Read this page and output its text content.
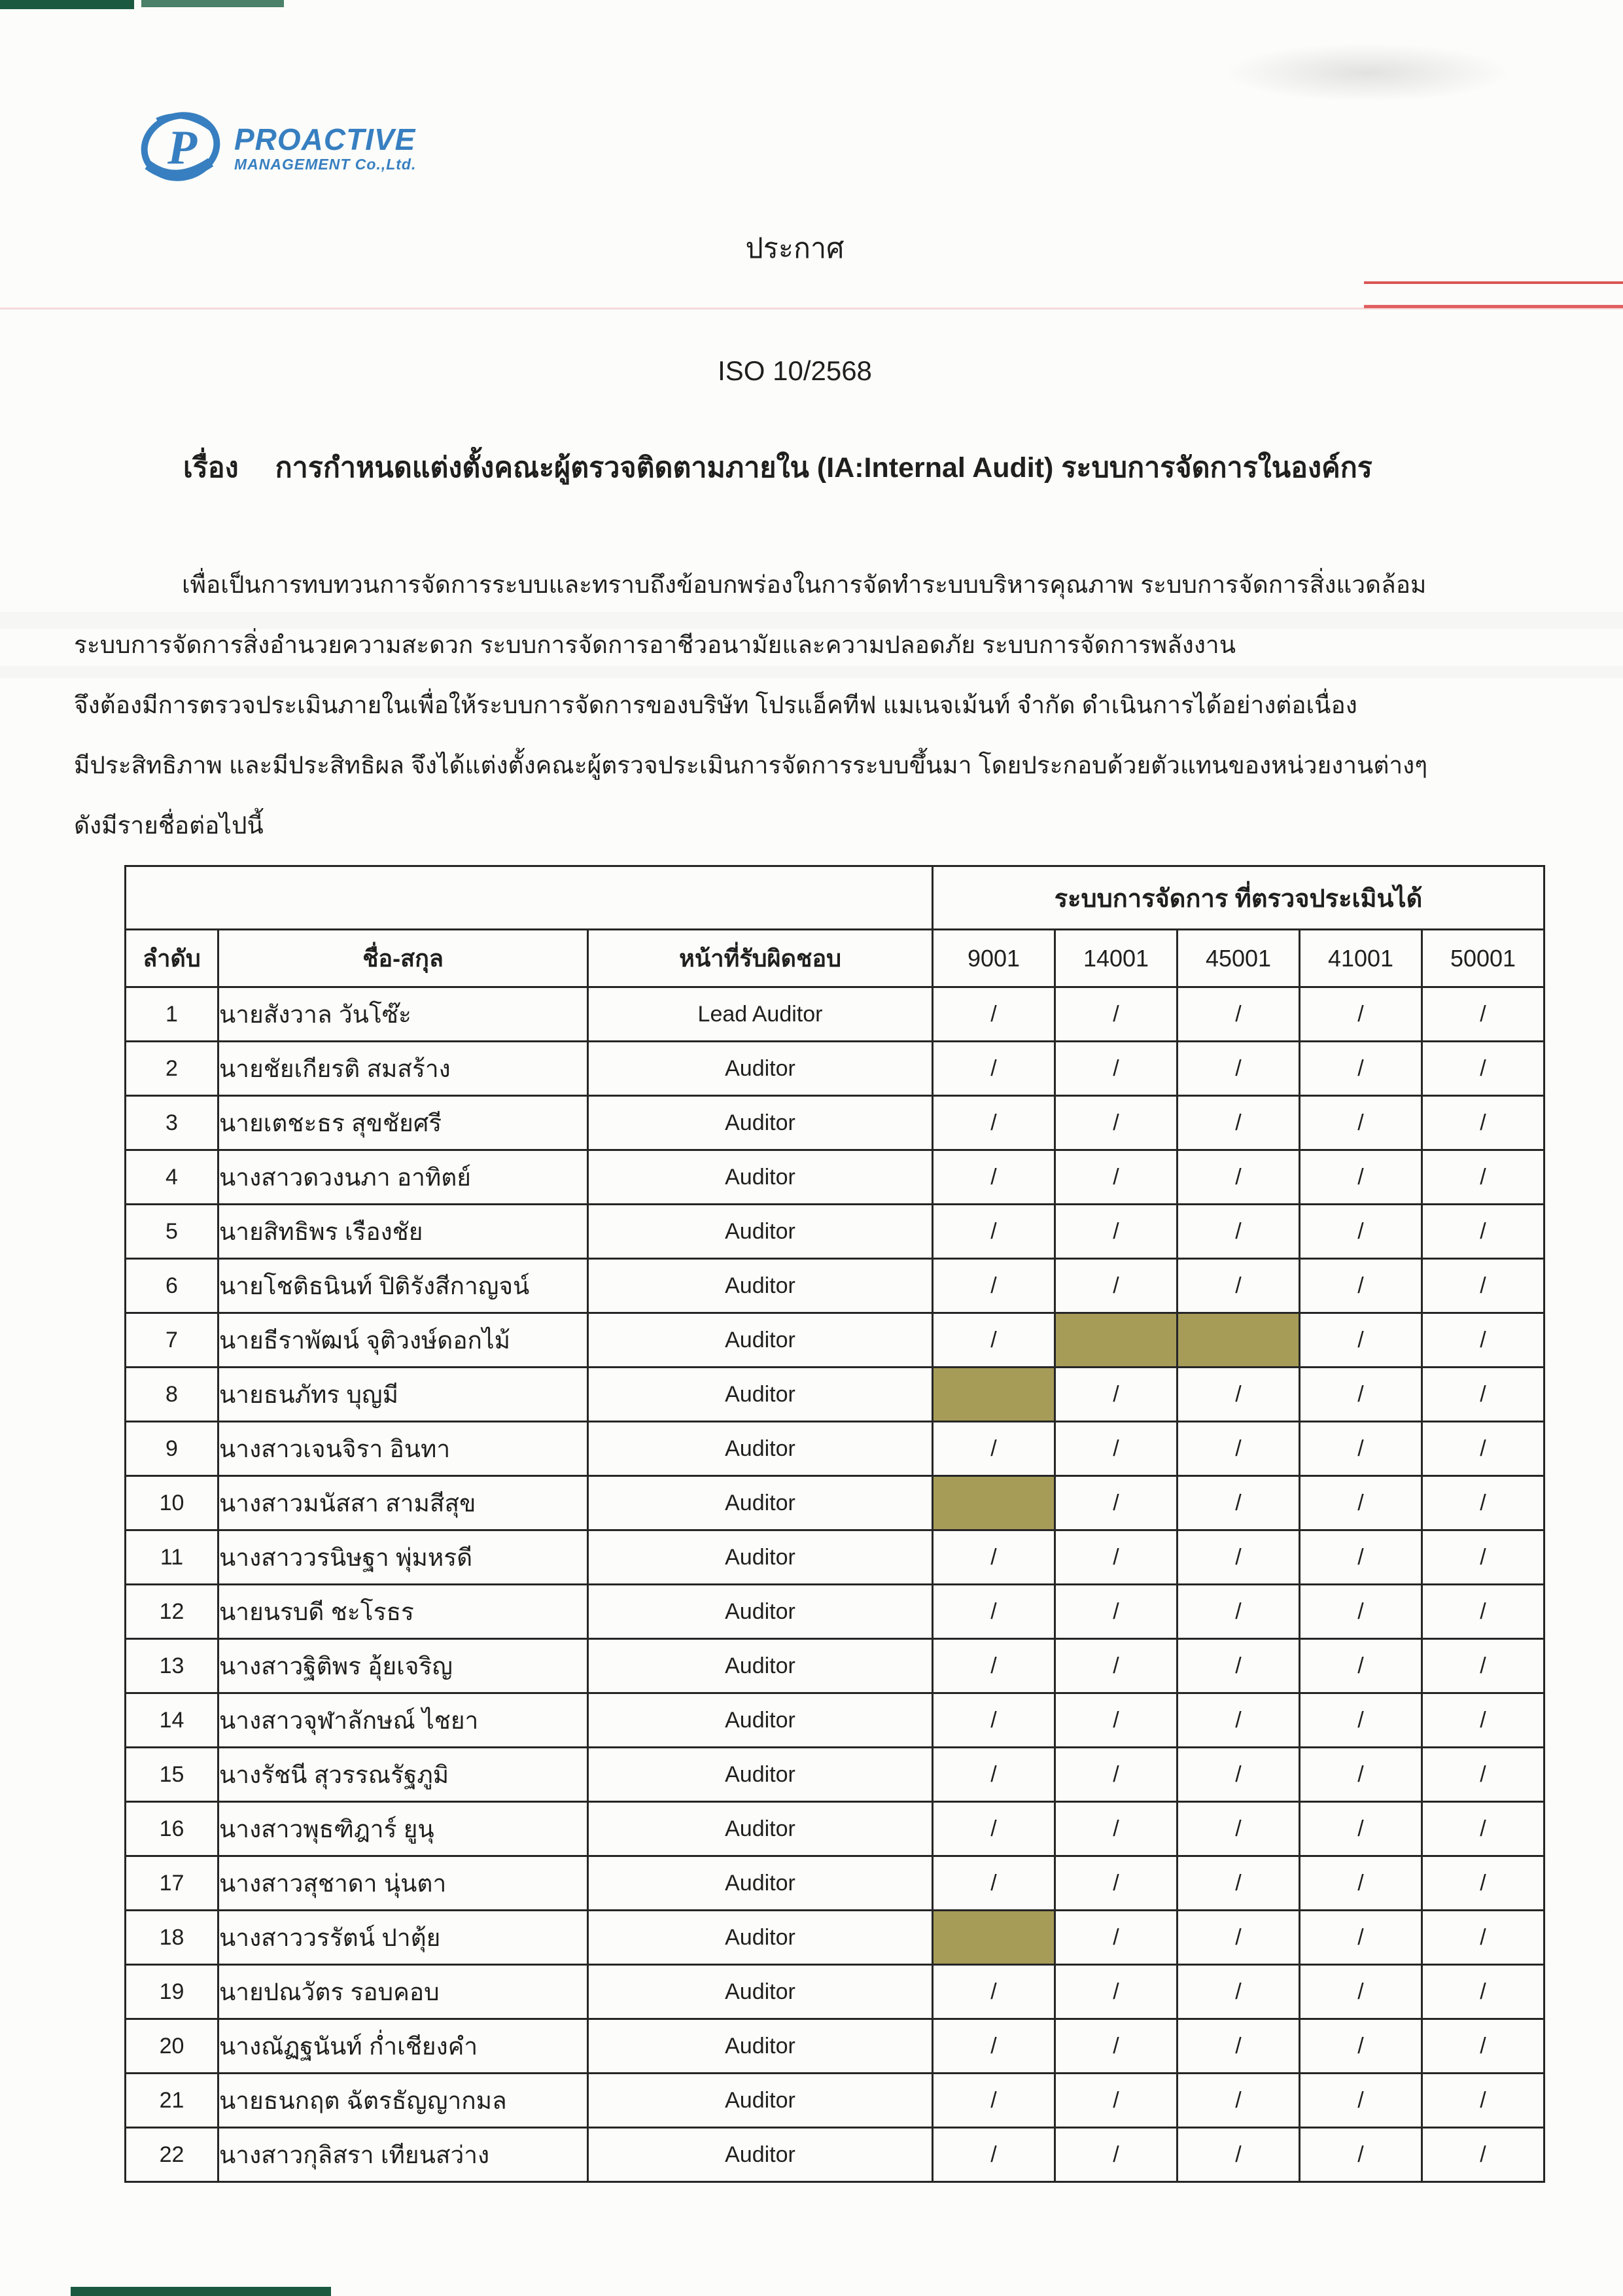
P PROACTIVE
MANAGEMENT Co.,Ltd.
ประกาศ
ISO 10/2568
เรื่อง การกำหนดแต่งตั้งคณะผู้ตรวจติดตามภายใน (IA:Internal Audit) ระบบการจัดการในองค์กร
เพื่อเป็นการทบทวนการจัดการระบบและทราบถึงข้อบกพร่องในการจัดทำระบบบริหารคุณภาพ ระบบการจัดการสิ่งแวดล้อม
ระบบการจัดการสิ่งอำนวยความสะดวก ระบบการจัดการอาชีวอนามัยและความปลอดภัย ระบบการจัดการพลังงาน
จึงต้องมีการตรวจประเมินภายในเพื่อให้ระบบการจัดการของบริษัท โปรแอ็คทีฟ แมเนจเม้นท์ จำกัด ดำเนินการได้อย่างต่อเนื่อง
มีประสิทธิภาพ และมีประสิทธิผล จึงได้แต่งตั้งคณะผู้ตรวจประเมินการจัดการระบบขึ้นมา โดยประกอบด้วยตัวแทนของหน่วยงานต่างๆ
ดังมีรายชื่อต่อไปนี้
			ระบบการจัดการ ที่ตรวจประเมินได้				
ลำดับ	ชื่อ-สกุล	หน้าที่รับผิดชอบ	9001	14001	45001	41001	50001
1	นายสังวาล วันโซ๊ะ	Lead Auditor	/	/	/	/	/
2	นายชัยเกียรติ สมสร้าง	Auditor	/	/	/	/	/
3	นายเตชะธร สุขชัยศรี	Auditor	/	/	/	/	/
4	นางสาวดวงนภา อาทิตย์	Auditor	/	/	/	/	/
5	นายสิทธิพร เรืองชัย	Auditor	/	/	/	/	/
6	นายโชติธนินท์ ปิติรังสีกาญจน์	Auditor	/	/	/	/	/
7	นายธีราพัฒน์ จุติวงษ์ดอกไม้	Auditor	/			/	/
8	นายธนภัทร บุญมี	Auditor		/	/	/	/
9	นางสาวเจนจิรา อินทา	Auditor	/	/	/	/	/
10	นางสาวมนัสสา สามสีสุข	Auditor		/	/	/	/
11	นางสาววรนิษฐา พุ่มหรดี	Auditor	/	/	/	/	/
12	นายนรบดี ชะโรธร	Auditor	/	/	/	/	/
13	นางสาวฐิติพร อุ้ยเจริญ	Auditor	/	/	/	/	/
14	นางสาวจุฬาลักษณ์ ไชยา	Auditor	/	/	/	/	/
15	นางรัชนี สุวรรณรัฐภูมิ	Auditor	/	/	/	/	/
16	นางสาวพุธฑิฎาร์ ยูนุ	Auditor	/	/	/	/	/
17	นางสาวสุชาดา นุ่นตา	Auditor	/	/	/	/	/
18	นางสาววรรัตน์ ปาตุ้ย	Auditor		/	/	/	/
19	นายปณวัตร รอบคอบ	Auditor	/	/	/	/	/
20	นางณัฏฐนันท์ ก่ำเชียงคำ	Auditor	/	/	/	/	/
21	นายธนกฤต ฉัตรธัญญากมล	Auditor	/	/	/	/	/
22	นางสาวกุลิสรา เทียนสว่าง	Auditor	/	/	/	/	/
